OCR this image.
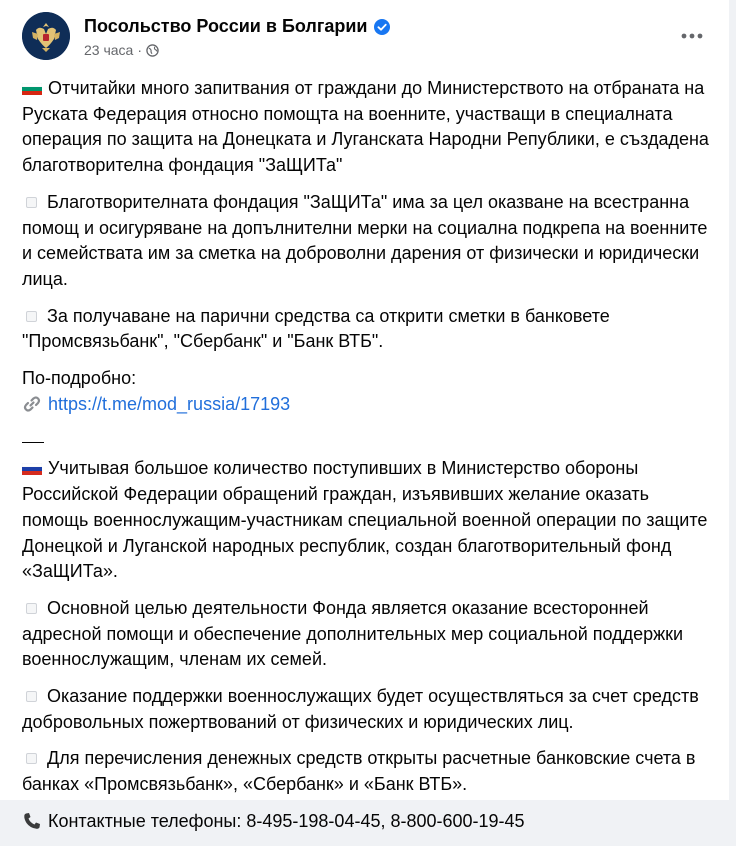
Посольство России в Болгарии
23 часа ·

Отчитайки много запитвания от граждани до Министерството на отбраната на Руската Федерация относно помощта на военните, участващи в специалната операция по защита на Донецката и Луганската Народни Републики, е създадена благотворителна фондация "ЗаЩИТа"

Благотворителната фондация "ЗаЩИТа" има за цел оказване на всестранна помощ и осигуряване на допълнителни мерки на социална подкрепа на военните и семействата им за сметка на доброволни дарения от физически и юридически лица.

За получаване на парични средства са открити сметки в банковете "Промсвязьбанк", "Сбербанк" и "Банк ВТБ".

По-подробно:

https://t.me/mod_russia/17193

Учитывая большое количество поступивших в Министерство обороны Российской Федерации обращений граждан, изъявивших желание оказать помощь военнослужащим-участникам специальной военной операции по защите Донецкой и Луганской народных республик, создан благотворительный фонд «ЗаЩИТа».

Основной целью деятельности Фонда является оказание всесторонней адресной помощи и обеспечение дополнительных мер социальной поддержки военнослужащим, членам их семей.

Оказание поддержки военнослужащих будет осуществляться за счет средств добровольных пожертвований от физических и юридических лиц.

Для перечисления денежных средств открыты расчетные банковские счета в банках «Промсвязьбанк», «Сбербанк» и «Банк ВТБ».

Контактные телефоны: 8-495-198-04-45, 8-800-600-19-45
